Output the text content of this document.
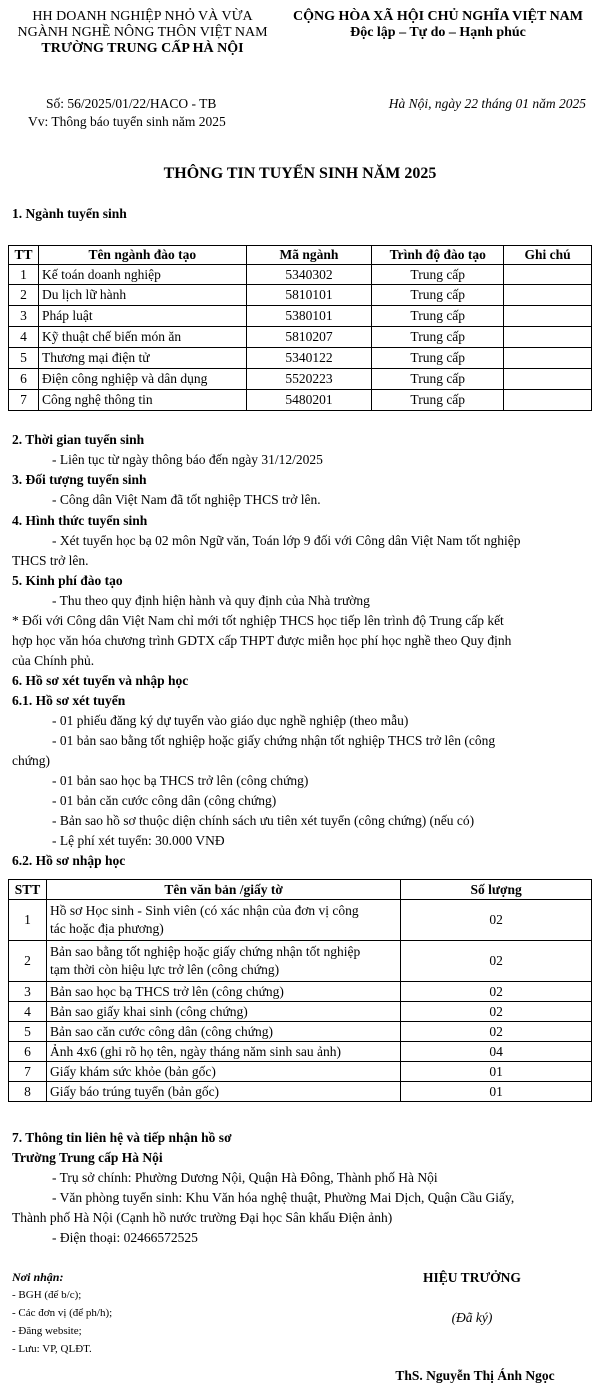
HH DOANH NGHIỆP NHỎ VÀ VỪA
NGÀNH NGHỀ NÔNG THÔN VIỆT NAM
TRƯỜNG TRUNG CẤP HÀ NỘI
CỘNG HÒA XÃ HỘI CHỦ NGHĨA VIỆT NAM
Độc lập – Tự do – Hạnh phúc
Số: 56/2025/01/22/HACO - TB
Vv: Thông báo tuyển sinh năm 2025
Hà Nội, ngày 22 tháng 01 năm 2025
THÔNG TIN TUYỂN SINH NĂM 2025
1. Ngành tuyển sinh
TT	Tên ngành đào tạo	Mã ngành	Trình độ đào tạo	Ghi chú
1	Kế toán doanh nghiệp	5340302	Trung cấp	
2	Du lịch lữ hành	5810101	Trung cấp	
3	Pháp luật	5380101	Trung cấp	
4	Kỹ thuật chế biến món ăn	5810207	Trung cấp	
5	Thương mại điện tử	5340122	Trung cấp	
6	Điện công nghiệp và dân dụng	5520223	Trung cấp	
7	Công nghệ thông tin	5480201	Trung cấp	
2. Thời gian tuyển sinh
- Liên tục từ ngày thông báo đến ngày 31/12/2025
3. Đối tượng tuyển sinh
- Công dân Việt Nam đã tốt nghiệp THCS trở lên.
4. Hình thức tuyển sinh
- Xét tuyển học bạ 02 môn Ngữ văn, Toán lớp 9 đối với Công dân Việt Nam tốt nghiệp
THCS trở lên.
5. Kinh phí đào tạo
- Thu theo quy định hiện hành và quy định của Nhà trường
* Đối với Công dân Việt Nam chỉ mới tốt nghiệp THCS học tiếp lên trình độ Trung cấp kết
hợp học văn hóa chương trình GDTX cấp THPT được miễn học phí học nghề theo Quy định
của Chính phủ.
6. Hồ sơ xét tuyển và nhập học
6.1. Hồ sơ xét tuyển
- 01 phiếu đăng ký dự tuyển vào giáo dục nghề nghiệp (theo mẫu)
- 01 bản sao bằng tốt nghiệp hoặc giấy chứng nhận tốt nghiệp THCS trở lên (công
chứng)
- 01 bản sao học bạ THCS trở lên (công chứng)
- 01 bản căn cước công dân (công chứng)
- Bản sao hồ sơ thuộc diện chính sách ưu tiên xét tuyển (công chứng) (nếu có)
- Lệ phí xét tuyển: 30.000 VNĐ
6.2. Hồ sơ nhập học
STT	Tên văn bản /giấy tờ	Số lượng
1	Hồ sơ Học sinh - Sinh viên (có xác nhận của đơn vị công
tác hoặc địa phương)	02
2	Bản sao bằng tốt nghiệp hoặc giấy chứng nhận tốt nghiệp
tạm thời còn hiệu lực trở lên (công chứng)	02
3	Bản sao học bạ THCS trở lên (công chứng)	02
4	Bản sao giấy khai sinh (công chứng)	02
5	Bản sao căn cước công dân (công chứng)	02
6	Ảnh 4x6 (ghi rõ họ tên, ngày tháng năm sinh sau ảnh)	04
7	Giấy khám sức khỏe (bản gốc)	01
8	Giấy báo trúng tuyển (bản gốc)	01
7. Thông tin liên hệ và tiếp nhận hồ sơ
Trường Trung cấp Hà Nội
- Trụ sở chính: Phường Dương Nội, Quận Hà Đông, Thành phố Hà Nội
- Văn phòng tuyển sinh: Khu Văn hóa nghệ thuật, Phường Mai Dịch, Quận Cầu Giấy,
Thành phố Hà Nội (Cạnh hồ nước trường Đại học Sân khấu Điện ảnh)
- Điện thoại: 02466572525
Nơi nhận:
- BGH (để b/c);
- Các đơn vị (để ph/h);
- Đăng website;
- Lưu: VP, QLĐT.
HIỆU TRƯỞNG
(Đã ký)
ThS. Nguyễn Thị Ánh Ngọc
